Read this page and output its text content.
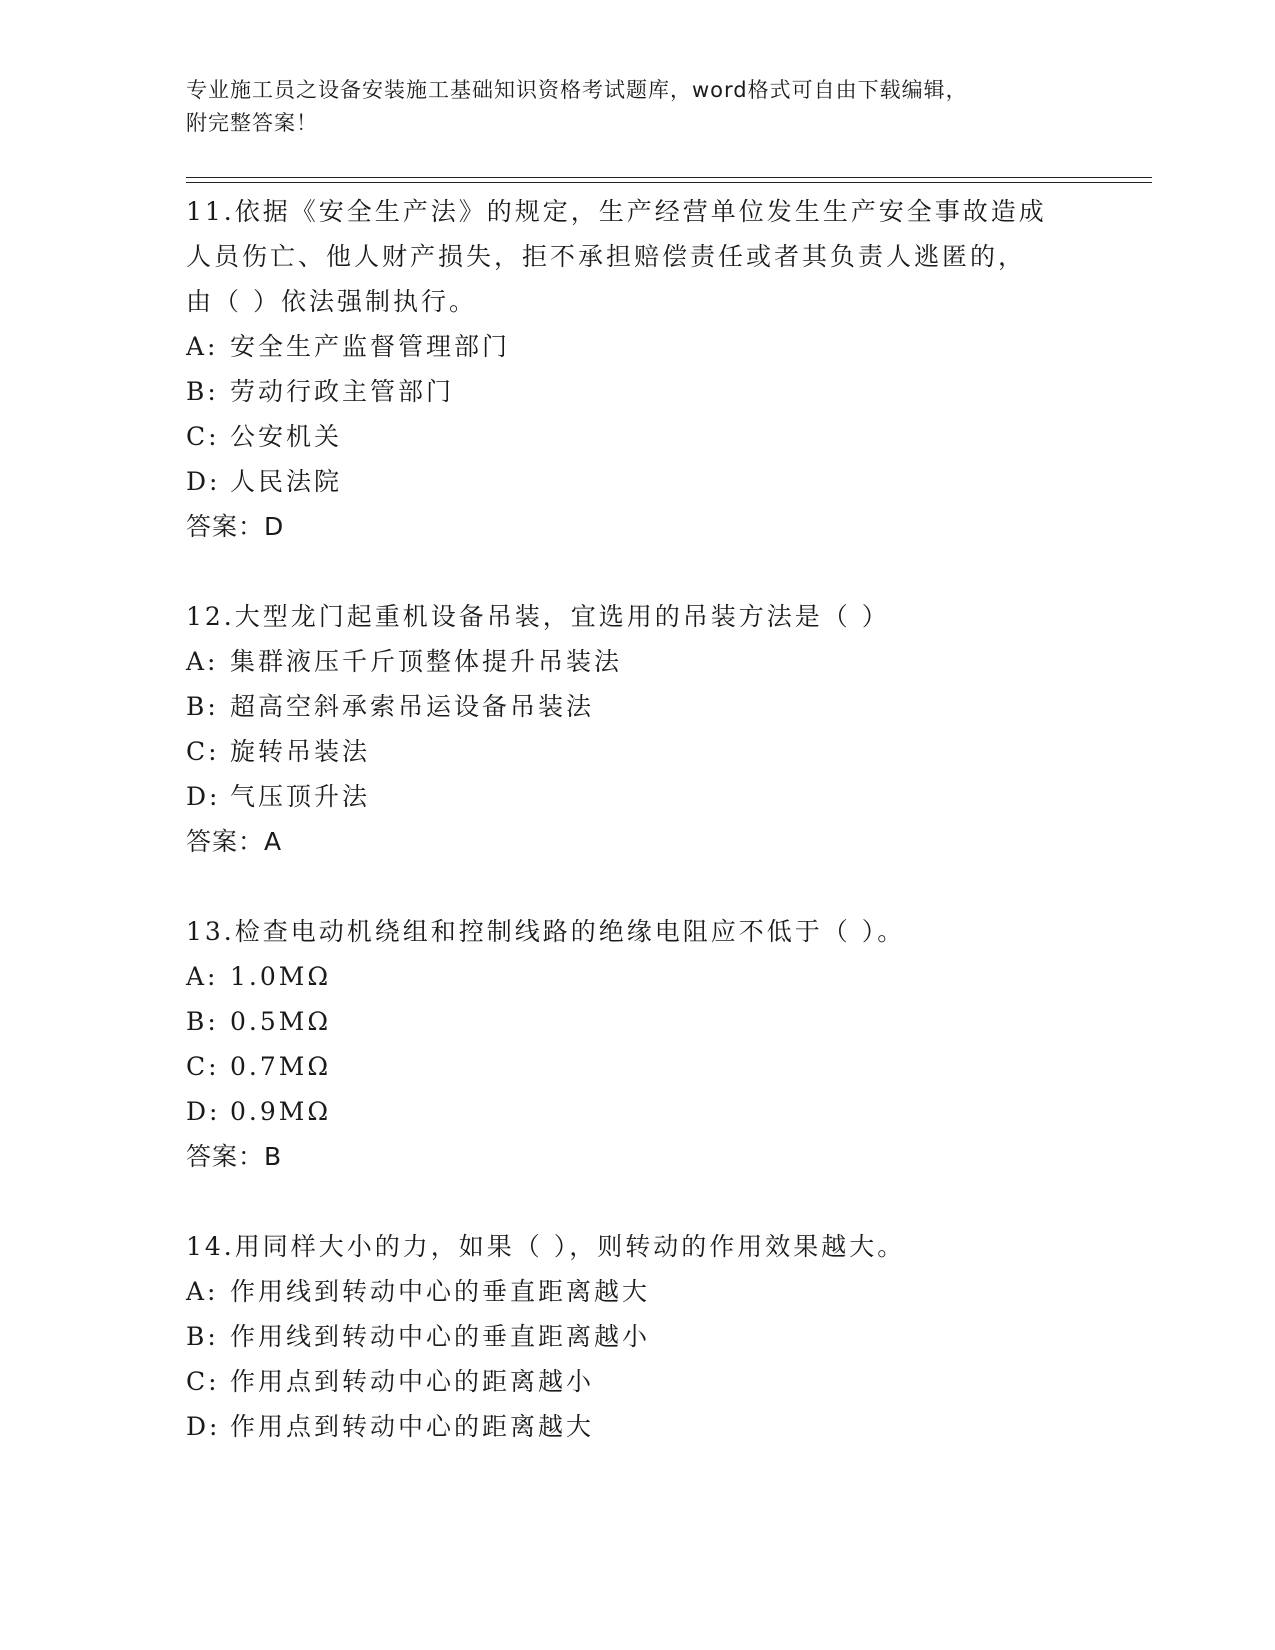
专业施工员之设备安装施工基础知识资格考试题库，word格式可自由下载编辑，
附完整答案！
11.依据《安全生产法》的规定，生产经营单位发生生产安全事故造成
人员伤亡、他人财产损失，拒不承担赔偿责任或者其负责人逃匿的，
由（ ）依法强制执行。
A: 安全生产监督管理部门
B: 劳动行政主管部门
C: 公安机关
D: 人民法院
答案：D
12.大型龙门起重机设备吊装，宜选用的吊装方法是（ ）
A: 集群液压千斤顶整体提升吊装法
B: 超高空斜承索吊运设备吊装法
C: 旋转吊装法
D: 气压顶升法
答案：A
13.检查电动机绕组和控制线路的绝缘电阻应不低于（ ）。
A: 1.0MΩ
B: 0.5MΩ
C: 0.7MΩ
D: 0.9MΩ
答案：B
14.用同样大小的力，如果（ ），则转动的作用效果越大。
A: 作用线到转动中心的垂直距离越大
B: 作用线到转动中心的垂直距离越小
C: 作用点到转动中心的距离越小
D: 作用点到转动中心的距离越大
